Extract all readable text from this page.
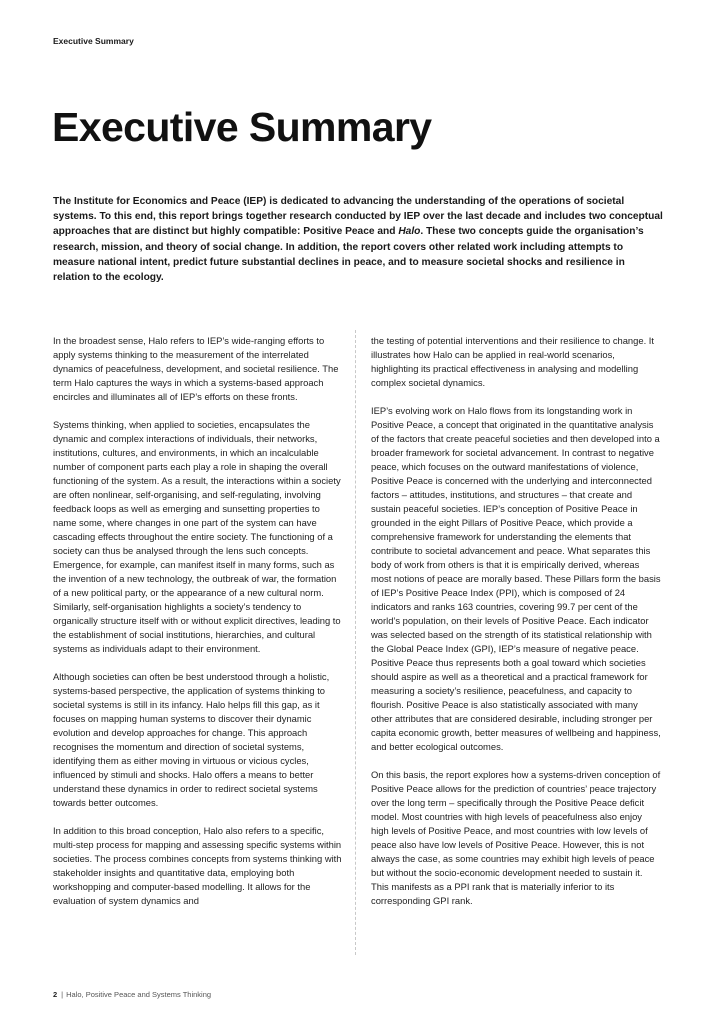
Executive Summary
Executive Summary

The Institute for Economics and Peace (IEP) is dedicated to advancing the understanding of the operations of societal systems. To this end, this report brings together research conducted by IEP over the last decade and includes two conceptual approaches that are distinct but highly compatible: Positive Peace and Halo. These two concepts guide the organisation’s research, mission, and theory of social change. In addition, the report covers other related work including attempts to measure national intent, predict future substantial declines in peace, and to measure societal shocks and resilience in relation to the ecology.

In the broadest sense, Halo refers to IEP’s wide-ranging efforts to apply systems thinking to the measurement of the interrelated dynamics of peacefulness, development, and societal resilience. The term Halo captures the ways in which a systems-based approach encircles and illuminates all of IEP’s efforts on these fronts.

Systems thinking, when applied to societies, encapsulates the dynamic and complex interactions of individuals, their networks, institutions, cultures, and environments, in which an incalculable number of component parts each play a role in shaping the overall functioning of the system. As a result, the interactions within a society are often nonlinear, self-organising, and self-regulating, involving feedback loops as well as emerging and sunsetting properties to name some, where changes in one part of the system can have cascading effects throughout the entire society. The functioning of a society can thus be analysed through the lens such concepts. Emergence, for example, can manifest itself in many forms, such as the invention of a new technology, the outbreak of war, the formation of a new political party, or the appearance of a new cultural norm. Similarly, self-organisation highlights a society’s tendency to organically structure itself with or without explicit directives, leading to the establishment of social institutions, hierarchies, and cultural systems as individuals adapt to their environment.

Although societies can often be best understood through a holistic, systems-based perspective, the application of systems thinking to societal systems is still in its infancy. Halo helps fill this gap, as it focuses on mapping human systems to discover their dynamic evolution and develop approaches for change. This approach recognises the momentum and direction of societal systems, identifying them as either moving in virtuous or vicious cycles, influenced by stimuli and shocks. Halo offers a means to better understand these dynamics in order to redirect societal systems towards better outcomes.

In addition to this broad conception, Halo also refers to a specific, multi-step process for mapping and assessing specific systems within societies. The process combines concepts from systems thinking with stakeholder insights and quantitative data, employing both workshopping and computer-based modelling. It allows for the evaluation of system dynamics and

the testing of potential interventions and their resilience to change. It illustrates how Halo can be applied in real-world scenarios, highlighting its practical effectiveness in analysing and modelling complex societal dynamics.

IEP’s evolving work on Halo flows from its longstanding work in Positive Peace, a concept that originated in the quantitative analysis of the factors that create peaceful societies and then developed into a broader framework for societal advancement. In contrast to negative peace, which focuses on the outward manifestations of violence, Positive Peace is concerned with the underlying and interconnected factors – attitudes, institutions, and structures – that create and sustain peaceful societies. IEP’s conception of Positive Peace in grounded in the eight Pillars of Positive Peace, which provide a comprehensive framework for understanding the elements that contribute to societal advancement and peace. What separates this body of work from others is that it is empirically derived, whereas most notions of peace are morally based. These Pillars form the basis of IEP’s Positive Peace Index (PPI), which is composed of 24 indicators and ranks 163 countries, covering 99.7 per cent of the world’s population, on their levels of Positive Peace. Each indicator was selected based on the strength of its statistical relationship with the Global Peace Index (GPI), IEP’s measure of negative peace. Positive Peace thus represents both a goal toward which societies should aspire as well as a theoretical and a practical framework for measuring a society’s resilience, peacefulness, and capacity to flourish. Positive Peace is also statistically associated with many other attributes that are considered desirable, including stronger per capita economic growth, better measures of wellbeing and happiness, and better ecological outcomes.

On this basis, the report explores how a systems-driven conception of Positive Peace allows for the prediction of countries’ peace trajectory over the long term – specifically through the Positive Peace deficit model. Most countries with high levels of peacefulness also enjoy high levels of Positive Peace, and most countries with low levels of peace also have low levels of Positive Peace. However, this is not always the case, as some countries may exhibit high levels of peace but without the socio-economic development needed to sustain it. This manifests as a PPI rank that is materially inferior to its corresponding GPI rank.

2 | Halo, Positive Peace and Systems Thinking
